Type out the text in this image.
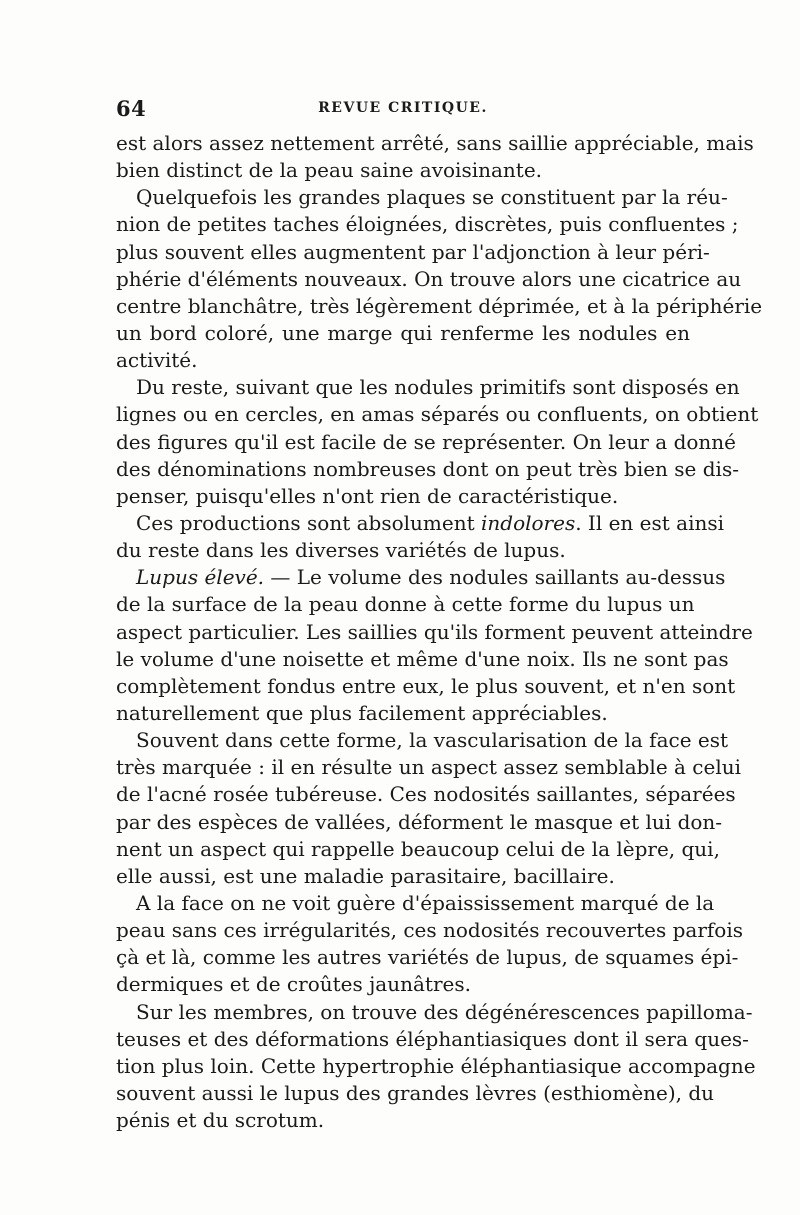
64	REVUE CRITIQUE.
est alors assez nettement arrêté, sans saillie appréciable, mais
bien distinct de la peau saine avoisinante.
Quelquefois les grandes plaques se constituent par la réu-
nion de petites taches éloignées, discrètes, puis confluentes ;
plus souvent elles augmentent par l'adjonction à leur péri-
phérie d'éléments nouveaux. On trouve alors une cicatrice au
centre blanchâtre, très légèrement déprimée, et à la périphérie
un bord coloré, une marge qui renferme les nodules en
activité.
Du reste, suivant que les nodules primitifs sont disposés en
lignes ou en cercles, en amas séparés ou confluents, on obtient
des figures qu'il est facile de se représenter. On leur a donné
des dénominations nombreuses dont on peut très bien se dis-
penser, puisqu'elles n'ont rien de caractéristique.
Ces productions sont absolument indolores. Il en est ainsi
du reste dans les diverses variétés de lupus.
Lupus élevé. — Le volume des nodules saillants au-dessus
de la surface de la peau donne à cette forme du lupus un
aspect particulier. Les saillies qu'ils forment peuvent atteindre
le volume d'une noisette et même d'une noix. Ils ne sont pas
complètement fondus entre eux, le plus souvent, et n'en sont
naturellement que plus facilement appréciables.
Souvent dans cette forme, la vascularisation de la face est
très marquée : il en résulte un aspect assez semblable à celui
de l'acné rosée tubéreuse. Ces nodosités saillantes, séparées
par des espèces de vallées, déforment le masque et lui don-
nent un aspect qui rappelle beaucoup celui de la lèpre, qui,
elle aussi, est une maladie parasitaire, bacillaire.
A la face on ne voit guère d'épaississement marqué de la
peau sans ces irrégularités, ces nodosités recouvertes parfois
çà et là, comme les autres variétés de lupus, de squames épi-
dermiques et de croûtes jaunâtres.
Sur les membres, on trouve des dégénérescences papilloma-
teuses et des déformations éléphantiasiques dont il sera ques-
tion plus loin. Cette hypertrophie éléphantiasique accompagne
souvent aussi le lupus des grandes lèvres (esthiomène), du
pénis et du scrotum.
